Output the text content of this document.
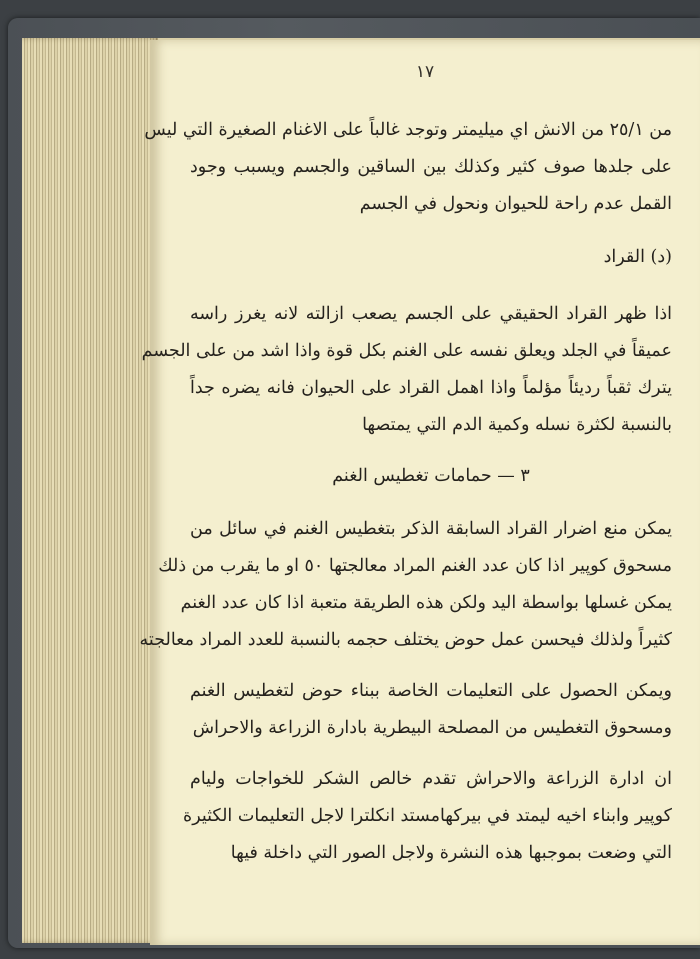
١٧
من ٢٥/١ من الانش اي ميليمتر وتوجد غالباً على الاغنام الصغيرة التي ليس
على جلدها صوف كثير وكذلك بين الساقين والجسم ويسبب وجود
القمل عدم راحة للحيوان ونحول في الجسم
(د) القراد
اذا ظهر القراد الحقيقي على الجسم يصعب ازالته لانه يغرز راسه
عميقاً في الجلد ويعلق نفسه على الغنم بكل قوة واذا اشد من على الجسم
يترك ثقباً رديئاً مؤلماً واذا اهمل القراد على الحيوان فانه يضره جداً
بالنسبة لكثرة نسله وكمية الدم التي يمتصها
٣ — حمامات تغطيس الغنم
يمكن منع اضرار القراد السابقة الذكر بتغطيس الغنم في سائل من
مسحوق كوپير اذا كان عدد الغنم المراد معالجتها ٥٠ او ما يقرب من ذلك
يمكن غسلها بواسطة اليد ولكن هذه الطريقة متعبة اذا كان عدد الغنم
كثيراً ولذلك فيحسن عمل حوض يختلف حجمه بالنسبة للعدد المراد معالجته
ويمكن الحصول على التعليمات الخاصة ببناء حوض لتغطيس الغنم
ومسحوق التغطيس من المصلحة البيطرية بادارة الزراعة والاحراش
ان ادارة الزراعة والاحراش تقدم خالص الشكر للخواجات وليام
كوپير وابناء اخيه ليمتد في بيركهامستد انكلترا لاجل التعليمات الكثيرة
التي وضعت بموجبها هذه النشرة ولاجل الصور التي داخلة فيها
